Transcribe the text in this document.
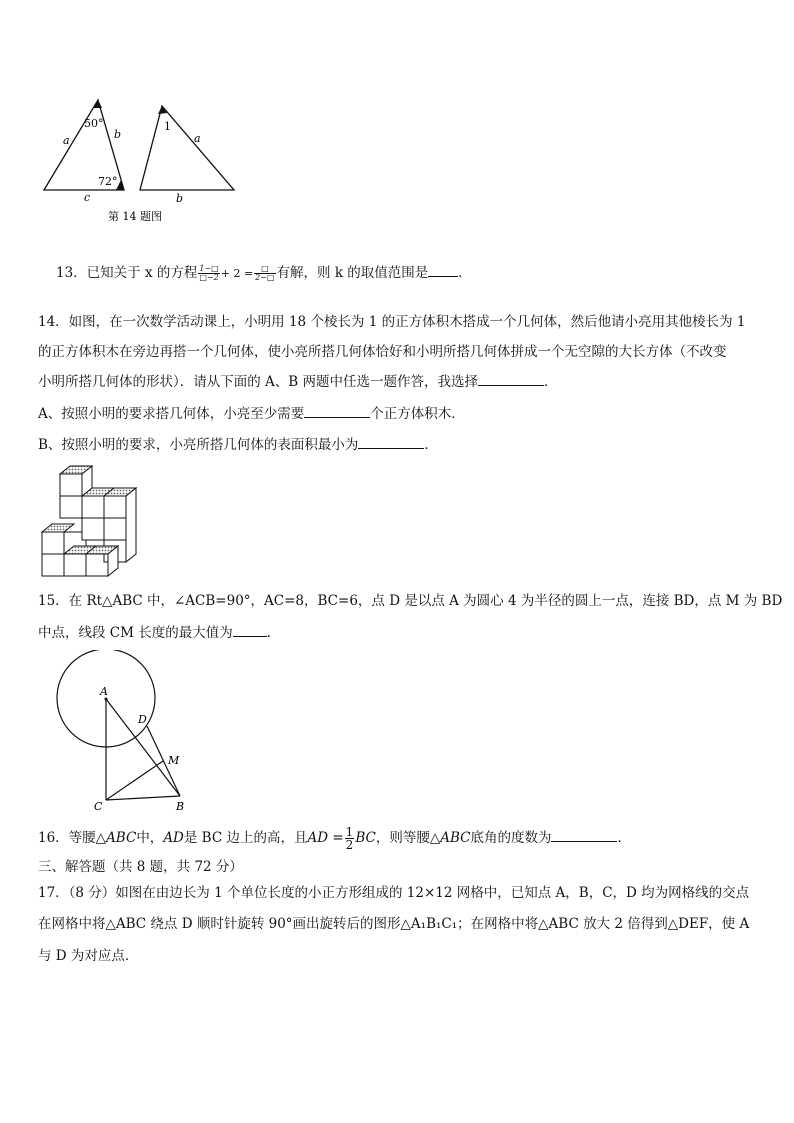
50°
72°
a	b
c
1
a
b
第 14 题图
13．已知关于 x 的方程 $\frac{1-□}{□-2} + 2 = \frac{□}{2-□}$ 有解，则 k 的取值范围是 ．
14．如图，在一次数学活动课上，小明用 18 个棱长为 1 的正方体积木搭成一个几何体，然后他请小亮用其他棱长为 1
的正方体积木在旁边再搭一个几何体，使小亮所搭几何体恰好和小明所搭几何体拼成一个无空隙的大长方体（不改变
小明所搭几何体的形状）．请从下面的 A、B 两题中任选一题作答，我选择	．
A、按照小明的要求搭几何体，小亮至少需要	个正方体积木．
B、按照小明的要求，小亮所搭几何体的表面积最小为	．
15．在 Rt△ABC 中，∠ACB=90°，AC=8，BC=6，点 D 是以点 A 为圆心 4 为半径的圆上一点，连接 BD，点 M 为 BD
中点，线段 CM 长度的最大值为	．
A
D
M
C	B
16．等腰△ABC中，AD是 BC 边上的高，且AD = $\frac{1}{2}$ BC，则等腰△ABC底角的度数为	．
三、解答题（共 8 题，共 72 分）
17．（8 分）如图在由边长为 1 个单位长度的小正方形组成的 12×12 网格中，已知点 A，B，C，D 均为网格线的交点
在网格中将△ABC 绕点 D 顺时针旋转 90°画出旋转后的图形△A₁B₁C₁；在网格中将△ABC 放大 2 倍得到△DEF，使 A
与 D 为对应点．
